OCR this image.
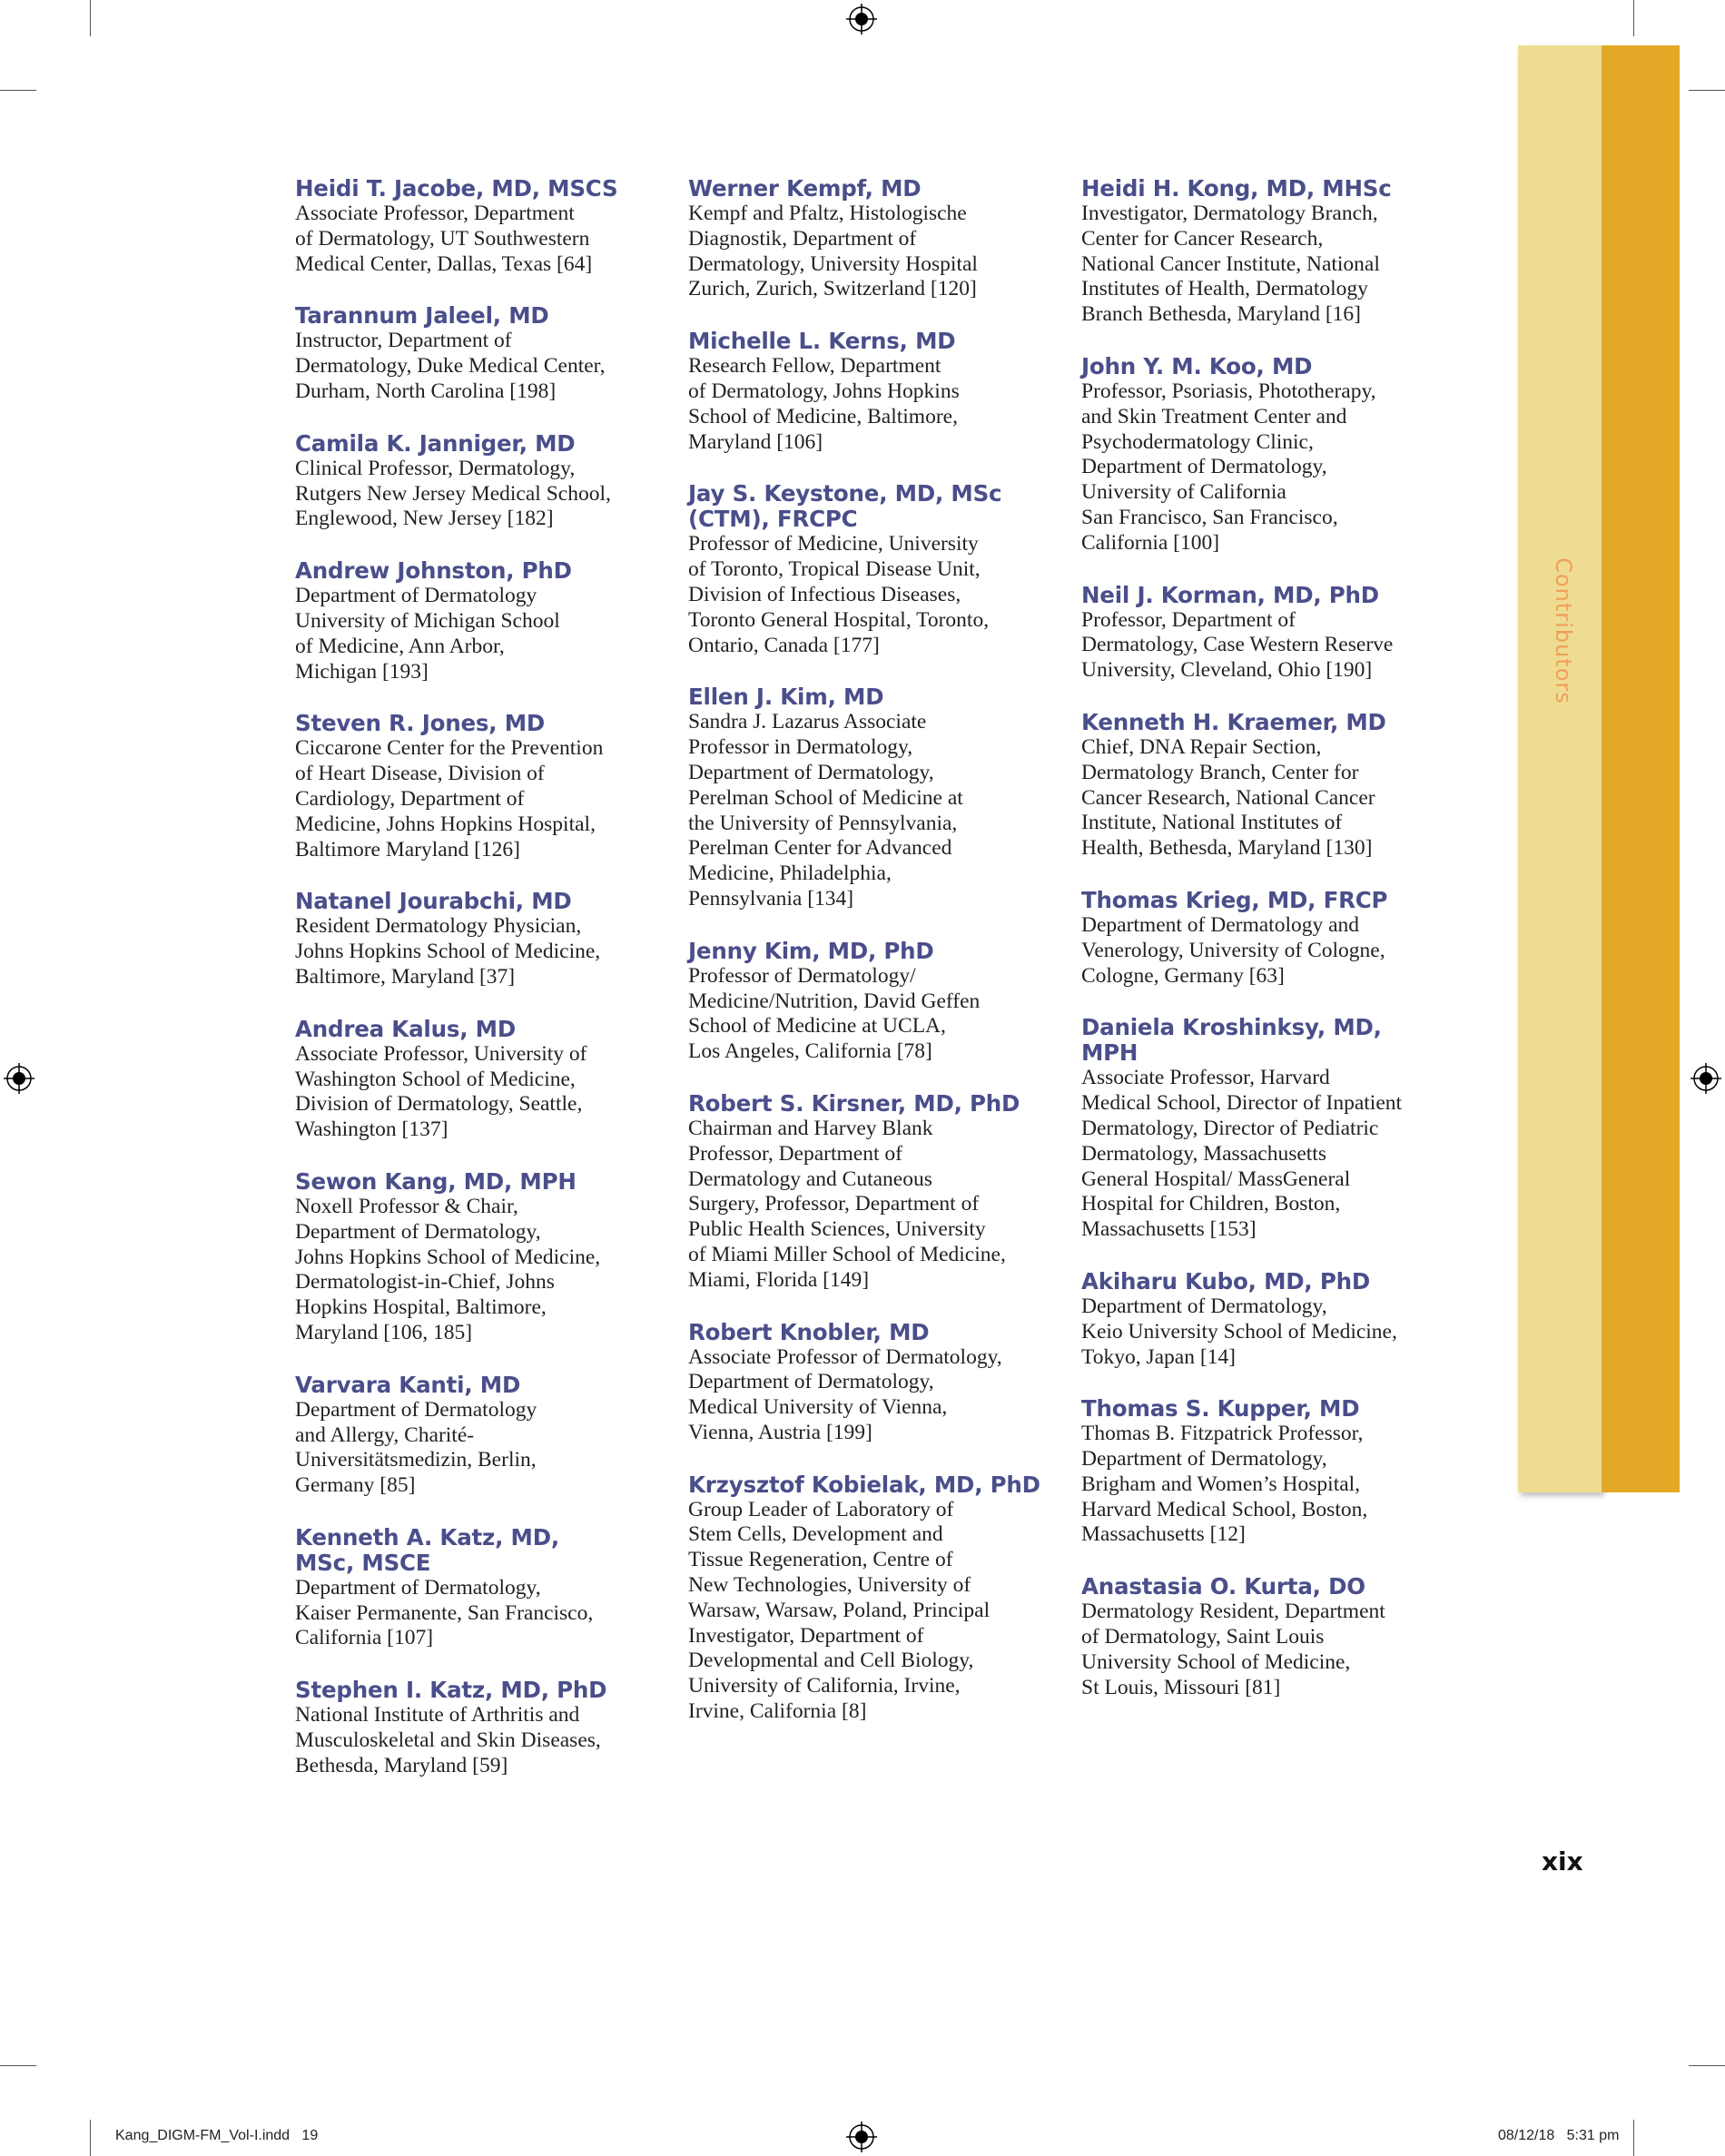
Contributors
Heidi T. Jacobe, MD, MSCS
Associate Professor, Department
of Dermatology, UT Southwestern
Medical Center, Dallas, Texas [64]
Tarannum Jaleel, MD
Instructor, Department of
Dermatology, Duke Medical Center,
Durham, North Carolina [198]
Camila K. Janniger, MD
Clinical Professor, Dermatology,
Rutgers New Jersey Medical School,
Englewood, New Jersey [182]
Andrew Johnston, PhD
Department of Dermatology
University of Michigan School
of Medicine, Ann Arbor,
Michigan [193]
Steven R. Jones, MD
Ciccarone Center for the Prevention
of Heart Disease, Division of
Cardiology, Department of
Medicine, Johns Hopkins Hospital,
Baltimore Maryland [126]
Natanel Jourabchi, MD
Resident Dermatology Physician,
Johns Hopkins School of Medicine,
Baltimore, Maryland [37]
Andrea Kalus, MD
Associate Professor, University of
Washington School of Medicine,
Division of Dermatology, Seattle,
Washington [137]
Sewon Kang, MD, MPH
Noxell Professor & Chair,
Department of Dermatology,
Johns Hopkins School of Medicine,
Dermatologist-in-Chief, Johns
Hopkins Hospital, Baltimore,
Maryland [106, 185]
Varvara Kanti, MD
Department of Dermatology
and Allergy, Charité-
Universitätsmedizin, Berlin,
Germany [85]
Kenneth A. Katz, MD,
MSc, MSCE
Department of Dermatology,
Kaiser Permanente, San Francisco,
California [107]
Stephen I. Katz, MD, PhD
National Institute of Arthritis and
Musculoskeletal and Skin Diseases,
Bethesda, Maryland [59]
Werner Kempf, MD
Kempf and Pfaltz, Histologische
Diagnostik, Department of
Dermatology, University Hospital
Zurich, Zurich, Switzerland [120]
Michelle L. Kerns, MD
Research Fellow, Department
of Dermatology, Johns Hopkins
School of Medicine, Baltimore,
Maryland [106]
Jay S. Keystone, MD, MSc
(CTM), FRCPC
Professor of Medicine, University
of Toronto, Tropical Disease Unit,
Division of Infectious Diseases,
Toronto General Hospital, Toronto,
Ontario, Canada [177]
Ellen J. Kim, MD
Sandra J. Lazarus Associate
Professor in Dermatology,
Department of Dermatology,
Perelman School of Medicine at
the University of Pennsylvania,
Perelman Center for Advanced
Medicine, Philadelphia,
Pennsylvania [134]
Jenny Kim, MD, PhD
Professor of Dermatology/
Medicine/Nutrition, David Geffen
School of Medicine at UCLA,
Los Angeles, California [78]
Robert S. Kirsner, MD, PhD
Chairman and Harvey Blank
Professor, Department of
Dermatology and Cutaneous
Surgery, Professor, Department of
Public Health Sciences, University
of Miami Miller School of Medicine,
Miami, Florida [149]
Robert Knobler, MD
Associate Professor of Dermatology,
Department of Dermatology,
Medical University of Vienna,
Vienna, Austria [199]
Krzysztof Kobielak, MD, PhD
Group Leader of Laboratory of
Stem Cells, Development and
Tissue Regeneration, Centre of
New Technologies, University of
Warsaw, Warsaw, Poland, Principal
Investigator, Department of
Developmental and Cell Biology,
University of California, Irvine,
Irvine, California [8]
Heidi H. Kong, MD, MHSc
Investigator, Dermatology Branch,
Center for Cancer Research,
National Cancer Institute, National
Institutes of Health, Dermatology
Branch Bethesda, Maryland [16]
John Y. M. Koo, MD
Professor, Psoriasis, Phototherapy,
and Skin Treatment Center and
Psychodermatology Clinic,
Department of Dermatology,
University of California
San Francisco, San Francisco,
California [100]
Neil J. Korman, MD, PhD
Professor, Department of
Dermatology, Case Western Reserve
University, Cleveland, Ohio [190]
Kenneth H. Kraemer, MD
Chief, DNA Repair Section,
Dermatology Branch, Center for
Cancer Research, National Cancer
Institute, National Institutes of
Health, Bethesda, Maryland [130]
Thomas Krieg, MD, FRCP
Department of Dermatology and
Venerology, University of Cologne,
Cologne, Germany [63]
Daniela Kroshinksy, MD, MPH
Associate Professor, Harvard
Medical School, Director of Inpatient
Dermatology, Director of Pediatric
Dermatology, Massachusetts
General Hospital/ MassGeneral
Hospital for Children, Boston,
Massachusetts [153]
Akiharu Kubo, MD, PhD
Department of Dermatology,
Keio University School of Medicine,
Tokyo, Japan [14]
Thomas S. Kupper, MD
Thomas B. Fitzpatrick Professor,
Department of Dermatology,
Brigham and Women’s Hospital,
Harvard Medical School, Boston,
Massachusetts [12]
Anastasia O. Kurta, DO
Dermatology Resident, Department
of Dermatology, Saint Louis
University School of Medicine,
St Louis, Missouri [81]
xix
Kang_DIGM-FM_Vol-I.indd   19	08/12/18   5:31 pm
